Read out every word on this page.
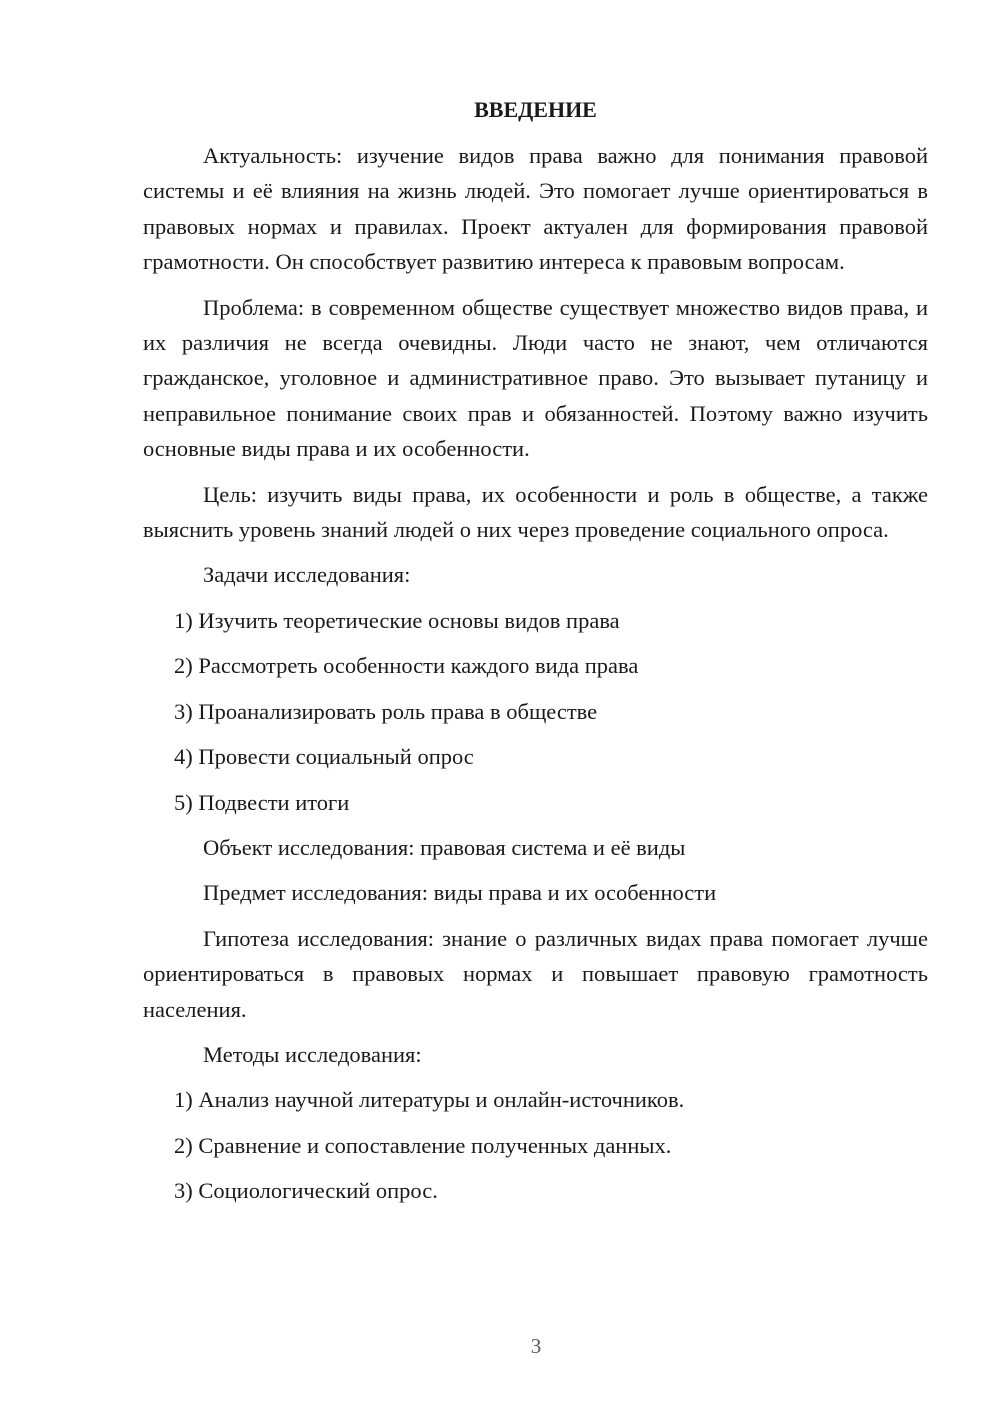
ВВЕДЕНИЕ

Актуальность: изучение видов права важно для понимания правовой системы и её влияния на жизнь людей. Это помогает лучше ориентироваться в правовых нормах и правилах. Проект актуален для формирования правовой грамотности. Он способствует развитию интереса к правовым вопросам.

Проблема: в современном обществе существует множество видов права, и их различия не всегда очевидны. Люди часто не знают, чем отличаются гражданское, уголовное и административное право. Это вызывает путаницу и неправильное понимание своих прав и обязанностей. Поэтому важно изучить основные виды права и их особенности.

Цель: изучить виды права, их особенности и роль в обществе, а также выяснить уровень знаний людей о них через проведение социального опроса.

Задачи исследования:

1) Изучить теоретические основы видов права

2) Рассмотреть особенности каждого вида права

3) Проанализировать роль права в обществе

4) Провести социальный опрос

5) Подвести итоги

Объект исследования: правовая система и её виды

Предмет исследования: виды права и их особенности

Гипотеза исследования: знание о различных видах права помогает лучше ориентироваться в правовых нормах и повышает правовую грамотность населения.

Методы исследования:

1) Анализ научной литературы и онлайн-источников.

2) Сравнение и сопоставление полученных данных.

3) Социологический опрос.

3
